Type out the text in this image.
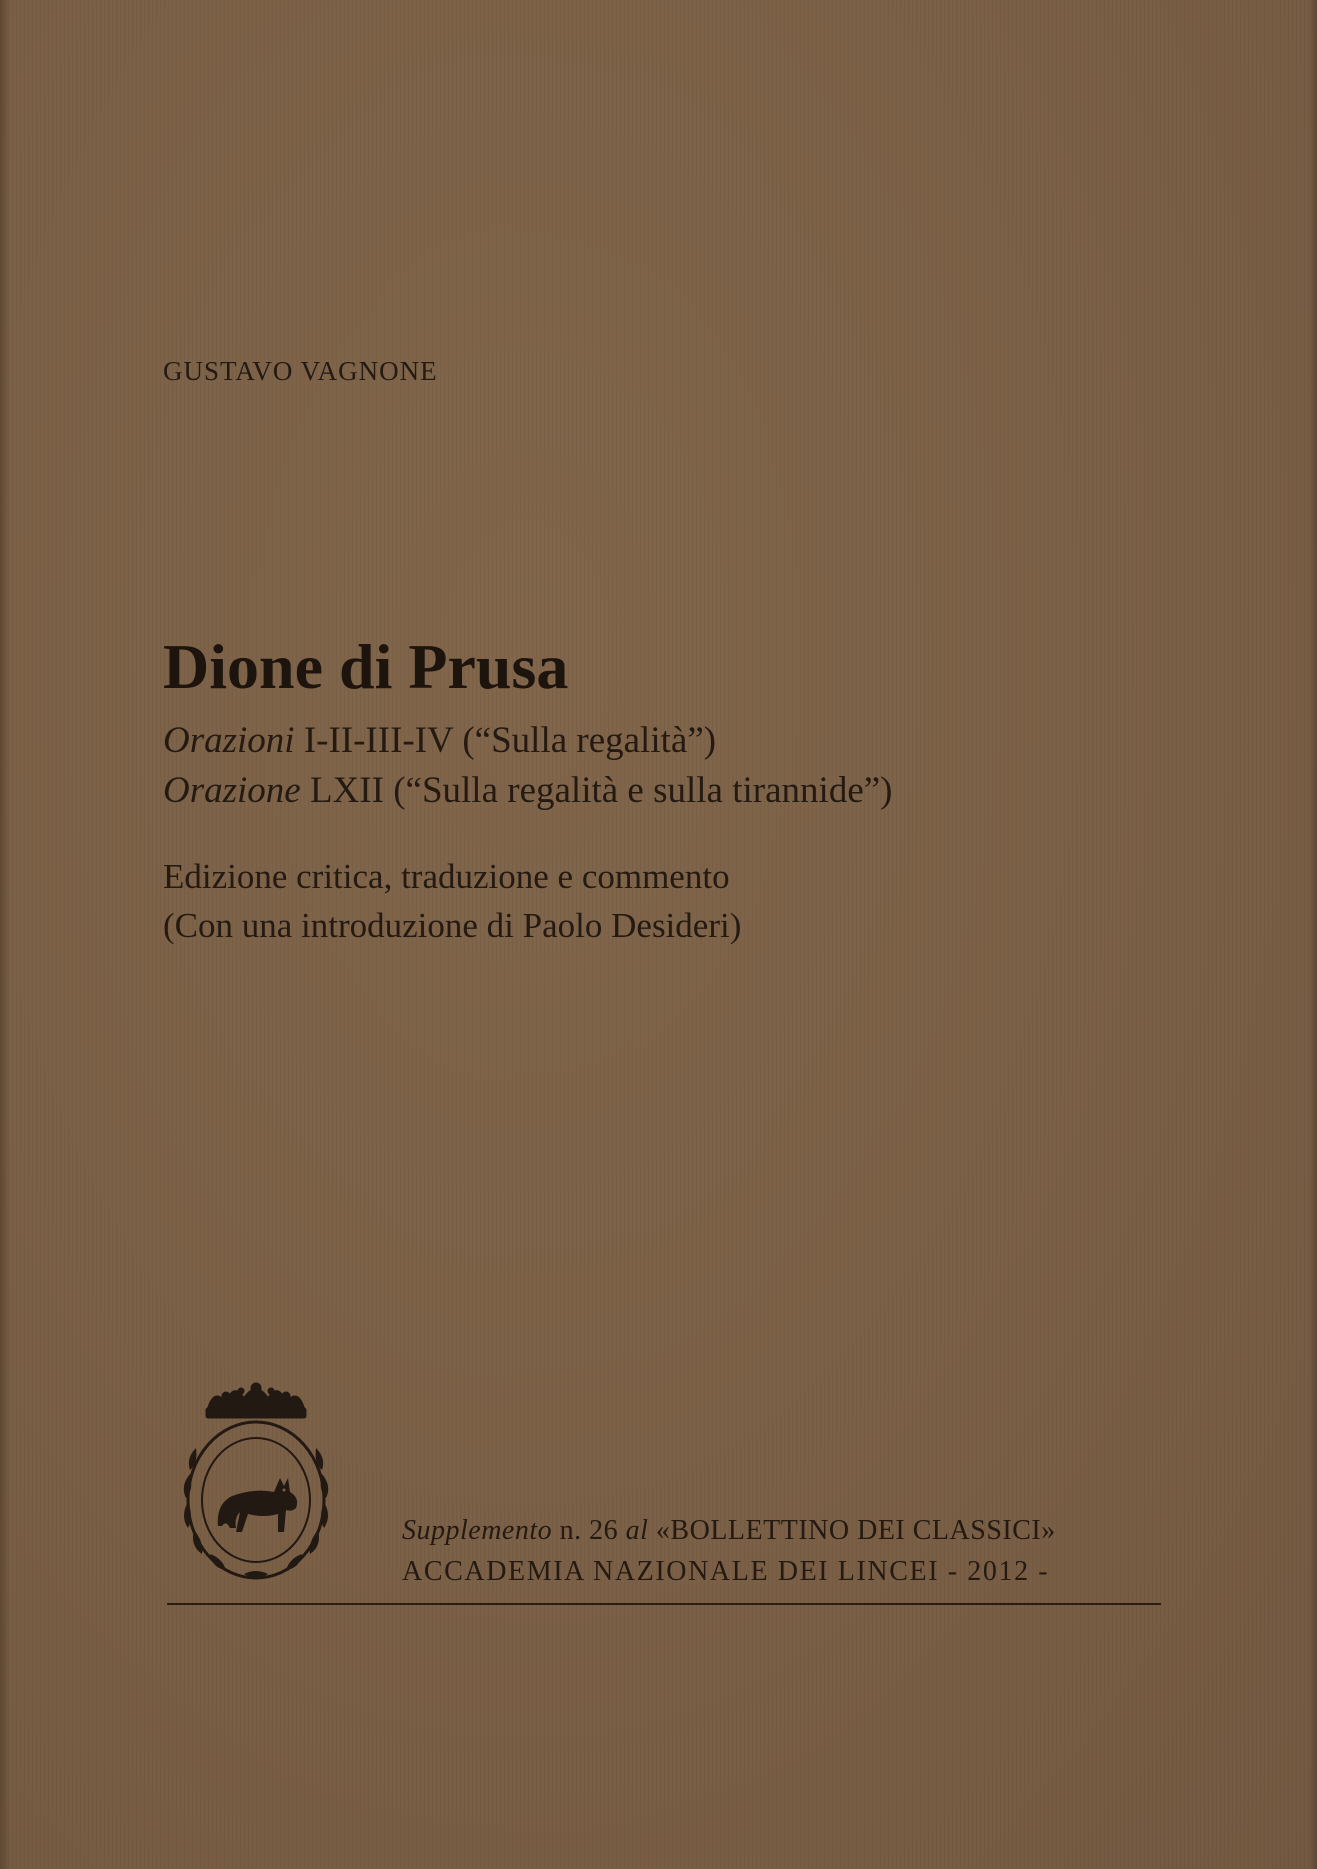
GUSTAVO VAGNONE
Dione di Prusa
Orazioni I-II-III-IV (“Sulla regalità”)
Orazione LXII (“Sulla regalità e sulla tirannide”)
Edizione critica, traduzione e commento
(Con una introduzione di Paolo Desideri)
Supplemento n. 26 al «BOLLETTINO DEI CLASSICI»
ACCADEMIA NAZIONALE DEI LINCEI - 2012 -
